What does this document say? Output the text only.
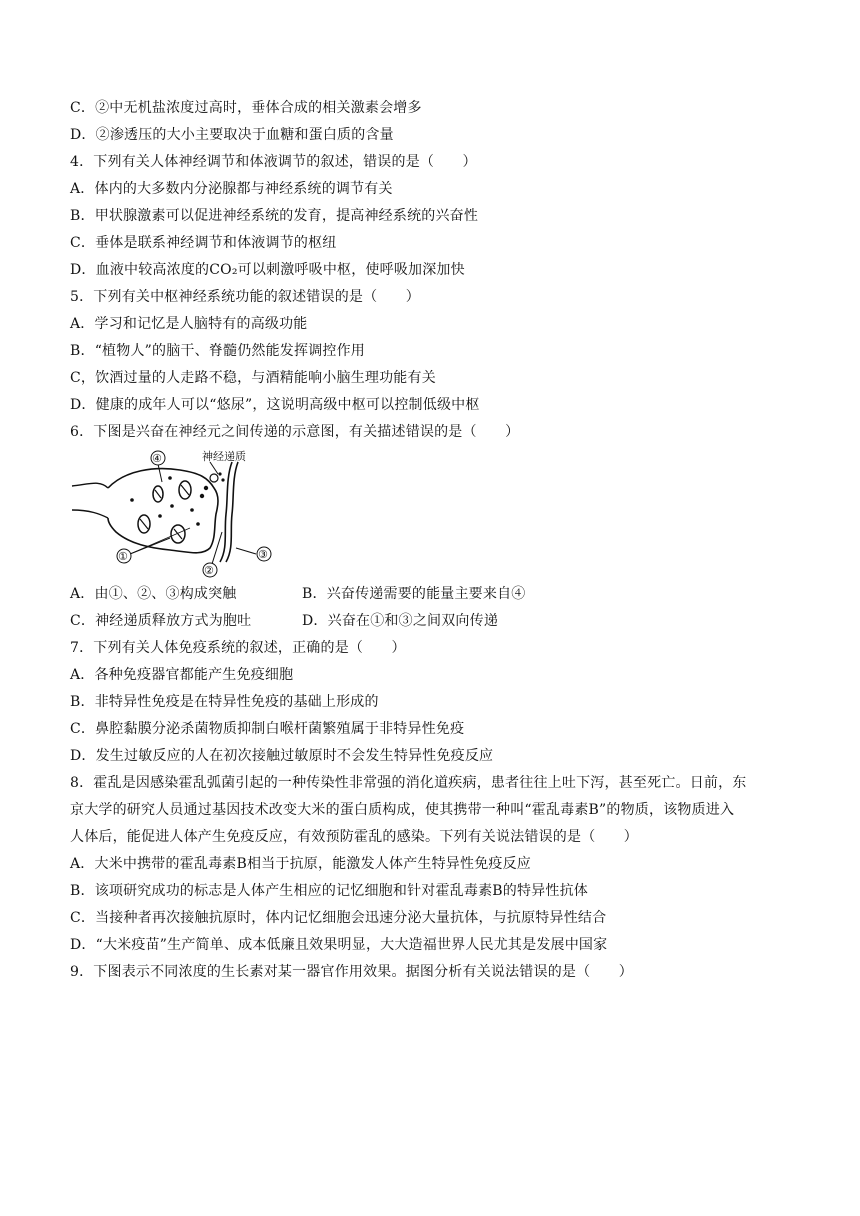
C．②中无机盐浓度过高时，垂体合成的相关激素会增多
D．②渗透压的大小主要取决于血糖和蛋白质的含量
4．下列有关人体神经调节和体液调节的叙述，错误的是（　　）
A．体内的大多数内分泌腺都与神经系统的调节有关
B．甲状腺激素可以促进神经系统的发育，提高神经系统的兴奋性
C．垂体是联系神经调节和体液调节的枢纽
D．血液中较高浓度的CO₂可以刺激呼吸中枢，使呼吸加深加快
5．下列有关中枢神经系统功能的叙述错误的是（　　）
A．学习和记忆是人脑特有的高级功能
B．“植物人”的脑干、脊髓仍然能发挥调控作用
C，饮酒过量的人走路不稳，与酒精能响小脑生理功能有关
D．健康的成年人可以“悠尿”，这说明高级中枢可以控制低级中枢
6．下图是兴奋在神经元之间传递的示意图，有关描述错误的是（　　）
④
①
②
③
神经递质
A．由①、②、③构成突触	B．兴奋传递需要的能量主要来自④
C．神经递质释放方式为胞吐	D．兴奋在①和③之间双向传递
7．下列有关人体免疫系统的叙述，正确的是（　　）
A．各种免疫器官都能产生免疫细胞
B．非特异性免疫是在特异性免疫的基础上形成的
C．鼻腔黏膜分泌杀菌物质抑制白喉杆菌繁殖属于非特异性免疫
D．发生过敏反应的人在初次接触过敏原时不会发生特异性免疫反应
8．霍乱是因感染霍乱弧菌引起的一种传染性非常强的消化道疾病，患者往往上吐下泻，甚至死亡。日前，东
京大学的研究人员通过基因技术改变大米的蛋白质构成，使其携带一种叫“霍乱毒素B”的物质，该物质进入
人体后，能促进人体产生免疫反应，有效预防霍乱的感染。下列有关说法错误的是（　　）
A．大米中携带的霍乱毒素B相当于抗原，能激发人体产生特异性免疫反应
B．该项研究成功的标志是人体产生相应的记忆细胞和针对霍乱毒素B的特异性抗体
C．当接种者再次接触抗原时，体内记忆细胞会迅速分泌大量抗体，与抗原特异性结合
D．“大米疫苗”生产简单、成本低廉且效果明显，大大造福世界人民尤其是发展中国家
9．下图表示不同浓度的生长素对某一器官作用效果。据图分析有关说法错误的是（　　）
